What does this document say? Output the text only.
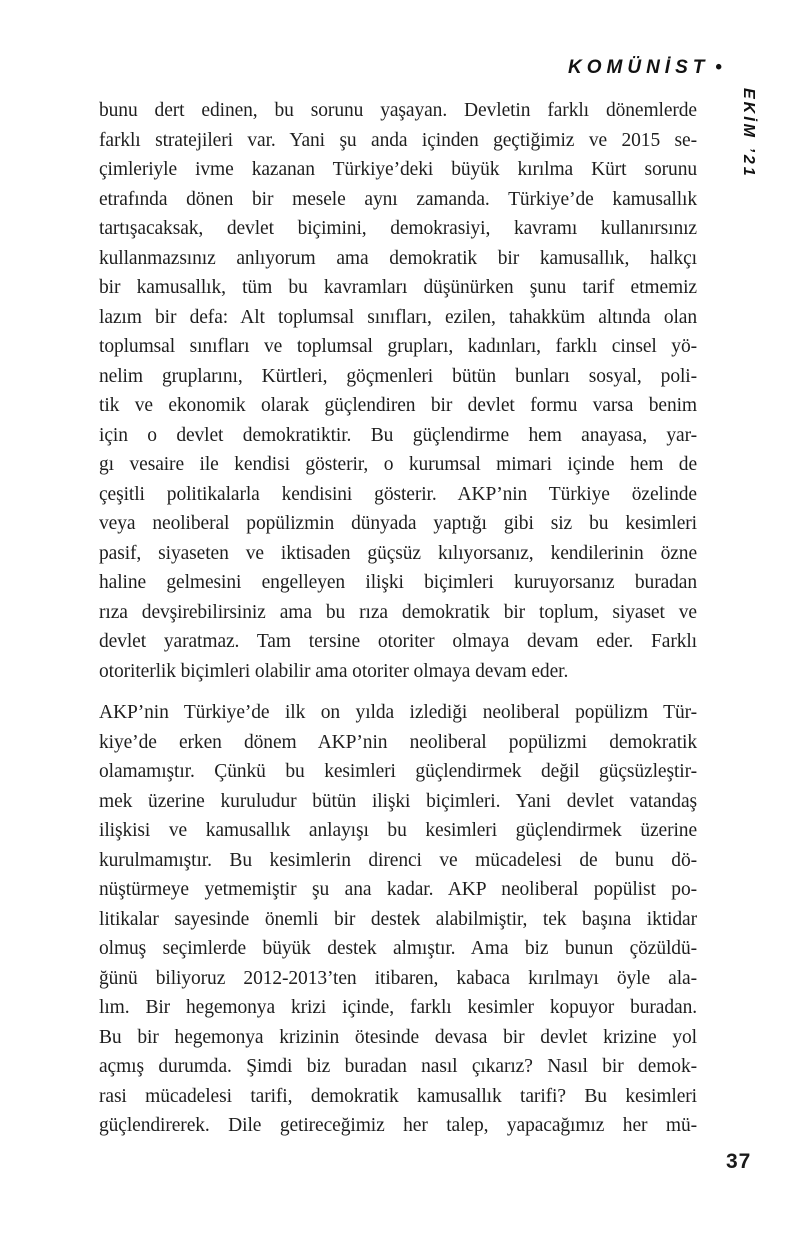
KOMÜNİST •
EKİM ’21
bunu dert edinen, bu sorunu yaşayan. Devletin farklı dönemlerde
farklı stratejileri var. Yani şu anda içinden geçtiğimiz ve 2015 se-
çimleriyle ivme kazanan Türkiye’deki büyük kırılma Kürt sorunu
etrafında dönen bir mesele aynı zamanda. Türkiye’de kamusallık
tartışacaksak, devlet biçimini, demokrasiyi, kavramı kullanırsınız
kullanmazsınız anlıyorum ama demokratik bir kamusallık, halkçı
bir kamusallık, tüm bu kavramları düşünürken şunu tarif etmemiz
lazım bir defa: Alt toplumsal sınıfları, ezilen, tahakküm altında olan
toplumsal sınıfları ve toplumsal grupları, kadınları, farklı cinsel yö-
nelim gruplarını, Kürtleri, göçmenleri bütün bunları sosyal, poli-
tik ve ekonomik olarak güçlendiren bir devlet formu varsa benim
için o devlet demokratiktir. Bu güçlendirme hem anayasa, yar-
gı vesaire ile kendisi gösterir, o kurumsal mimari içinde hem de
çeşitli politikalarla kendisini gösterir. AKP’nin Türkiye özelinde
veya neoliberal popülizmin dünyada yaptığı gibi siz bu kesimleri
pasif, siyaseten ve iktisaden güçsüz kılıyorsanız, kendilerinin özne
haline gelmesini engelleyen ilişki biçimleri kuruyorsanız buradan
rıza devşirebilirsiniz ama bu rıza demokratik bir toplum, siyaset ve
devlet yaratmaz. Tam tersine otoriter olmaya devam eder. Farklı
otoriterlik biçimleri olabilir ama otoriter olmaya devam eder.
AKP’nin Türkiye’de ilk on yılda izlediği neoliberal popülizm Tür-
kiye’de erken dönem AKP’nin neoliberal popülizmi demokratik
olamamıştır. Çünkü bu kesimleri güçlendirmek değil güçsüzleştir-
mek üzerine kuruludur bütün ilişki biçimleri. Yani devlet vatandaş
ilişkisi ve kamusallık anlayışı bu kesimleri güçlendirmek üzerine
kurulmamıştır. Bu kesimlerin direnci ve mücadelesi de bunu dö-
nüştürmeye yetmemiştir şu ana kadar. AKP neoliberal popülist po-
litikalar sayesinde önemli bir destek alabilmiştir, tek başına iktidar
olmuş seçimlerde büyük destek almıştır. Ama biz bunun çözüldü-
ğünü biliyoruz 2012-2013’ten itibaren, kabaca kırılmayı öyle ala-
lım. Bir hegemonya krizi içinde, farklı kesimler kopuyor buradan.
Bu bir hegemonya krizinin ötesinde devasa bir devlet krizine yol
açmış durumda. Şimdi biz buradan nasıl çıkarız? Nasıl bir demok-
rasi mücadelesi tarifi, demokratik kamusallık tarifi? Bu kesimleri
güçlendirerek. Dile getireceğimiz her talep, yapacağımız her mü-
37
